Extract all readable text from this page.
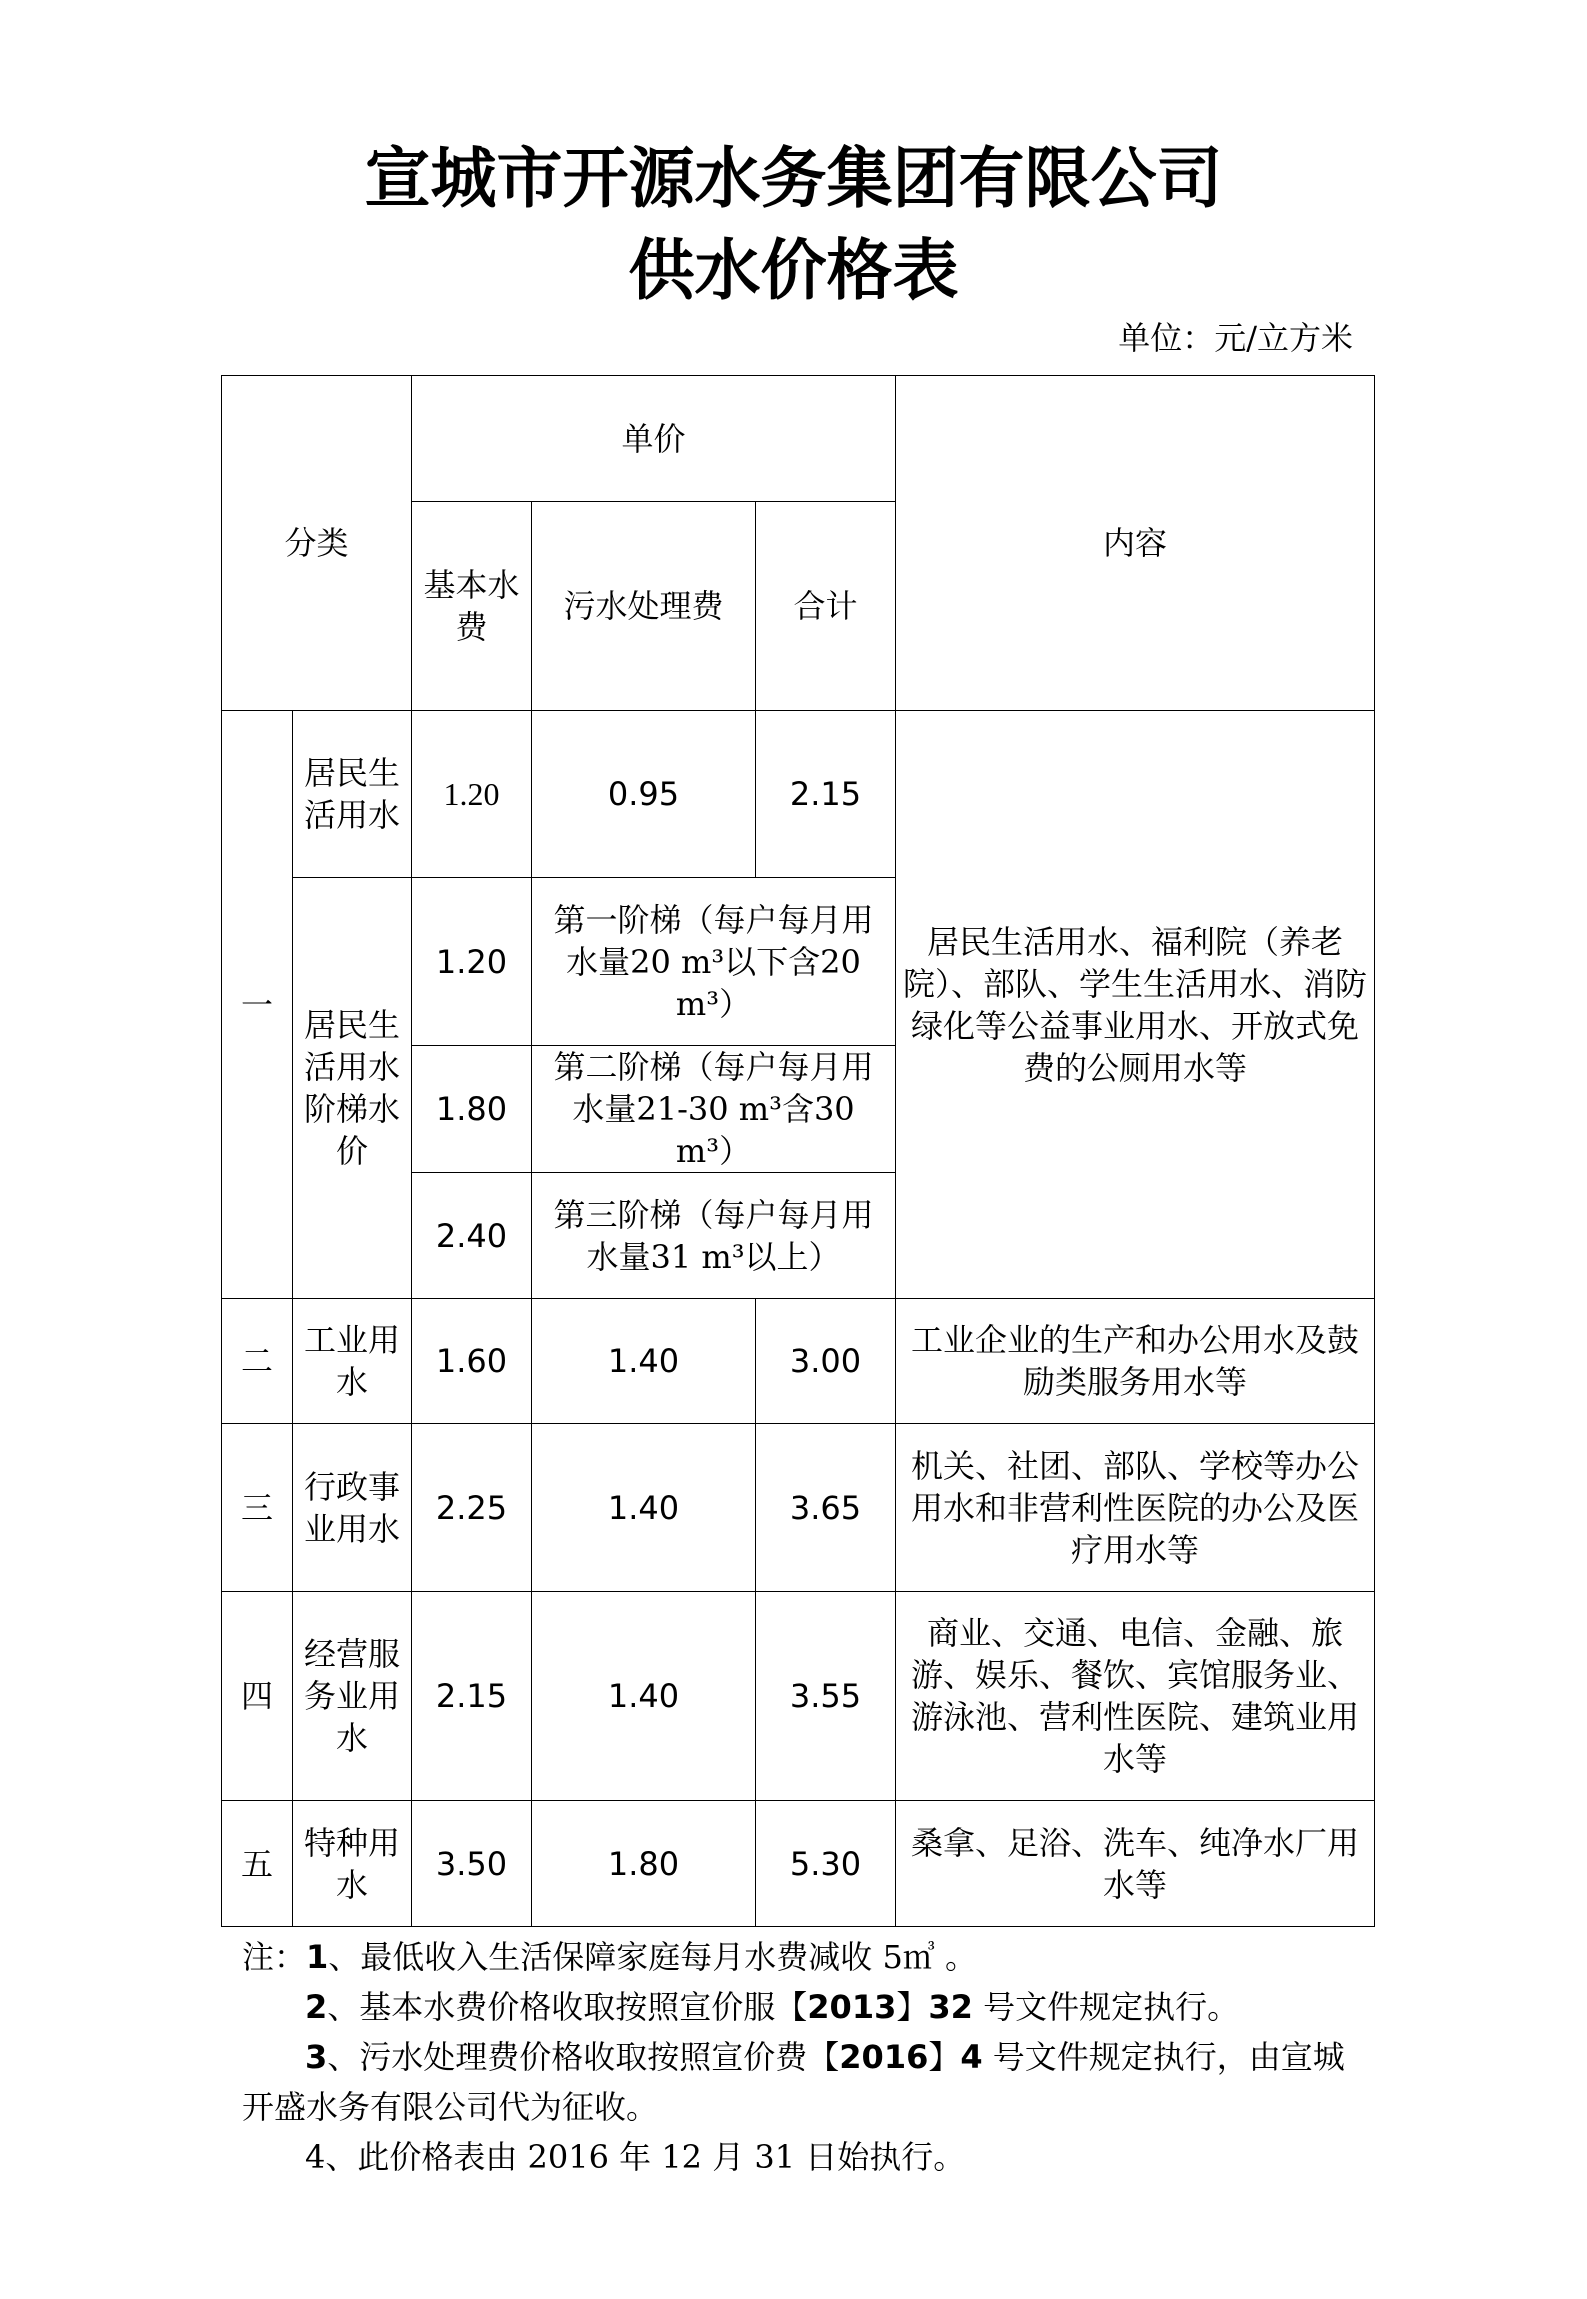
宣城市开源水务集团有限公司
供水价格表
单位：元/立方米
分类		单价			内容
		基本水费	污水处理费	合计	
一	居民生活用水	1.20	0.95	2.15	居民生活用水、福利院（养老院）、部队、学生生活用水、消防绿化等公益事业用水、开放式免费的公厕用水等
	居民生活用水阶梯水价	1.20	第一阶梯（每户每月用水量20 m³以下含20 m³）		
		1.80	第二阶梯（每户每月用水量21-30 m³含30 m³）		
		2.40	第三阶梯（每户每月用水量31 m³以上）		
二	工业用水	1.60	1.40	3.00	工业企业的生产和办公用水及鼓励类服务用水等
三	行政事业用水	2.25	1.40	3.65	机关、社团、部队、学校等办公用水和非营利性医院的办公及医疗用水等
四	经营服务业用水	2.15	1.40	3.55	商业、交通、电信、金融、旅游、娱乐、餐饮、宾馆服务业、游泳池、营利性医院、建筑业用水等
五	特种用水	3.50	1.80	5.30	桑拿、足浴、洗车、纯净水厂用水等

注：1、最低收入生活保障家庭每月水费减收 5㎥ 。

2、基本水费价格收取按照宣价服【2013】32 号文件规定执行。

3、污水处理费价格收取按照宣价费【2016】4 号文件规定执行，由宣城开盛水务有限公司代为征收。

4、此价格表由 2016 年 12 月 31 日始执行。
